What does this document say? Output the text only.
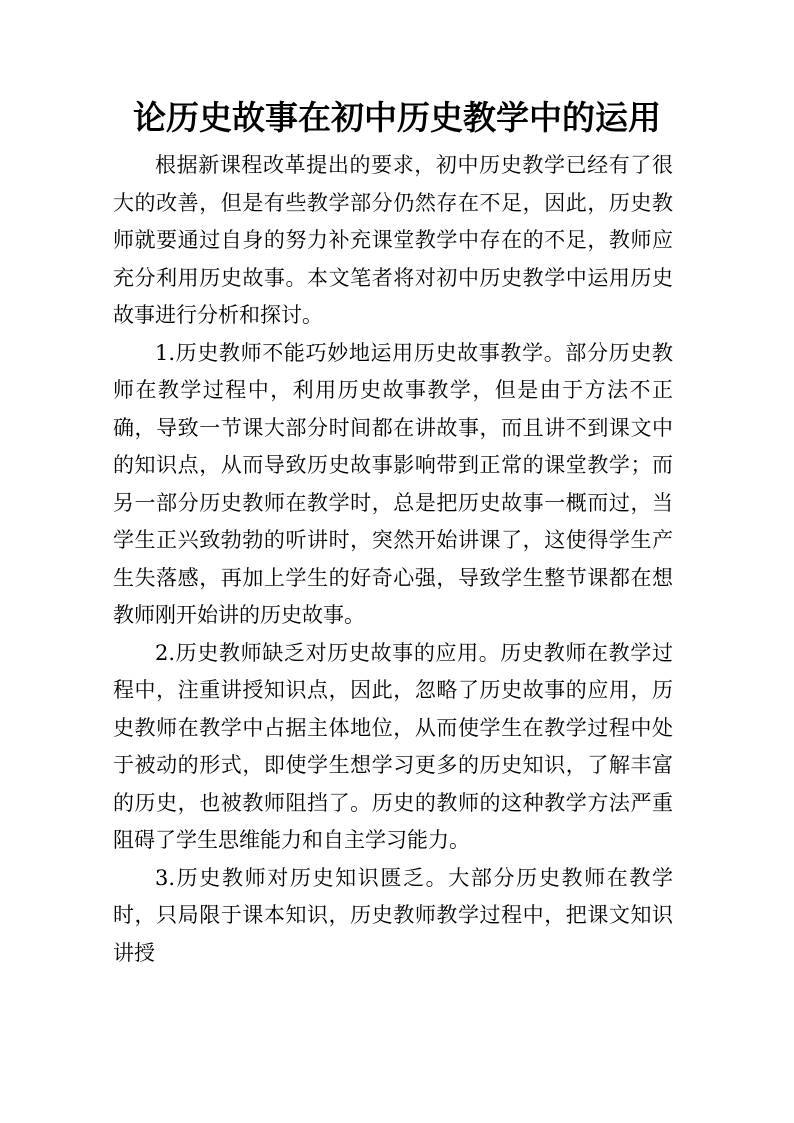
论历史故事在初中历史教学中的运用

根据新课程改革提出的要求，初中历史教学已经有了很大的改善，但是有些教学部分仍然存在不足，因此，历史教师就要通过自身的努力补充课堂教学中存在的不足，教师应充分利用历史故事。本文笔者将对初中历史教学中运用历史故事进行分析和探讨。

1.历史教师不能巧妙地运用历史故事教学。部分历史教师在教学过程中，利用历史故事教学，但是由于方法不正确，导致一节课大部分时间都在讲故事，而且讲不到课文中的知识点，从而导致历史故事影响带到正常的课堂教学；而另一部分历史教师在教学时，总是把历史故事一概而过，当学生正兴致勃勃的听讲时，突然开始讲课了，这使得学生产生失落感，再加上学生的好奇心强，导致学生整节课都在想教师刚开始讲的历史故事。

2.历史教师缺乏对历史故事的应用。历史教师在教学过程中，注重讲授知识点，因此，忽略了历史故事的应用，历史教师在教学中占据主体地位，从而使学生在教学过程中处于被动的形式，即使学生想学习更多的历史知识，了解丰富的历史，也被教师阻挡了。历史的教师的这种教学方法严重阻碍了学生思维能力和自主学习能力。

3.历史教师对历史知识匮乏。大部分历史教师在教学时，只局限于课本知识，历史教师教学过程中，把课文知识讲授
